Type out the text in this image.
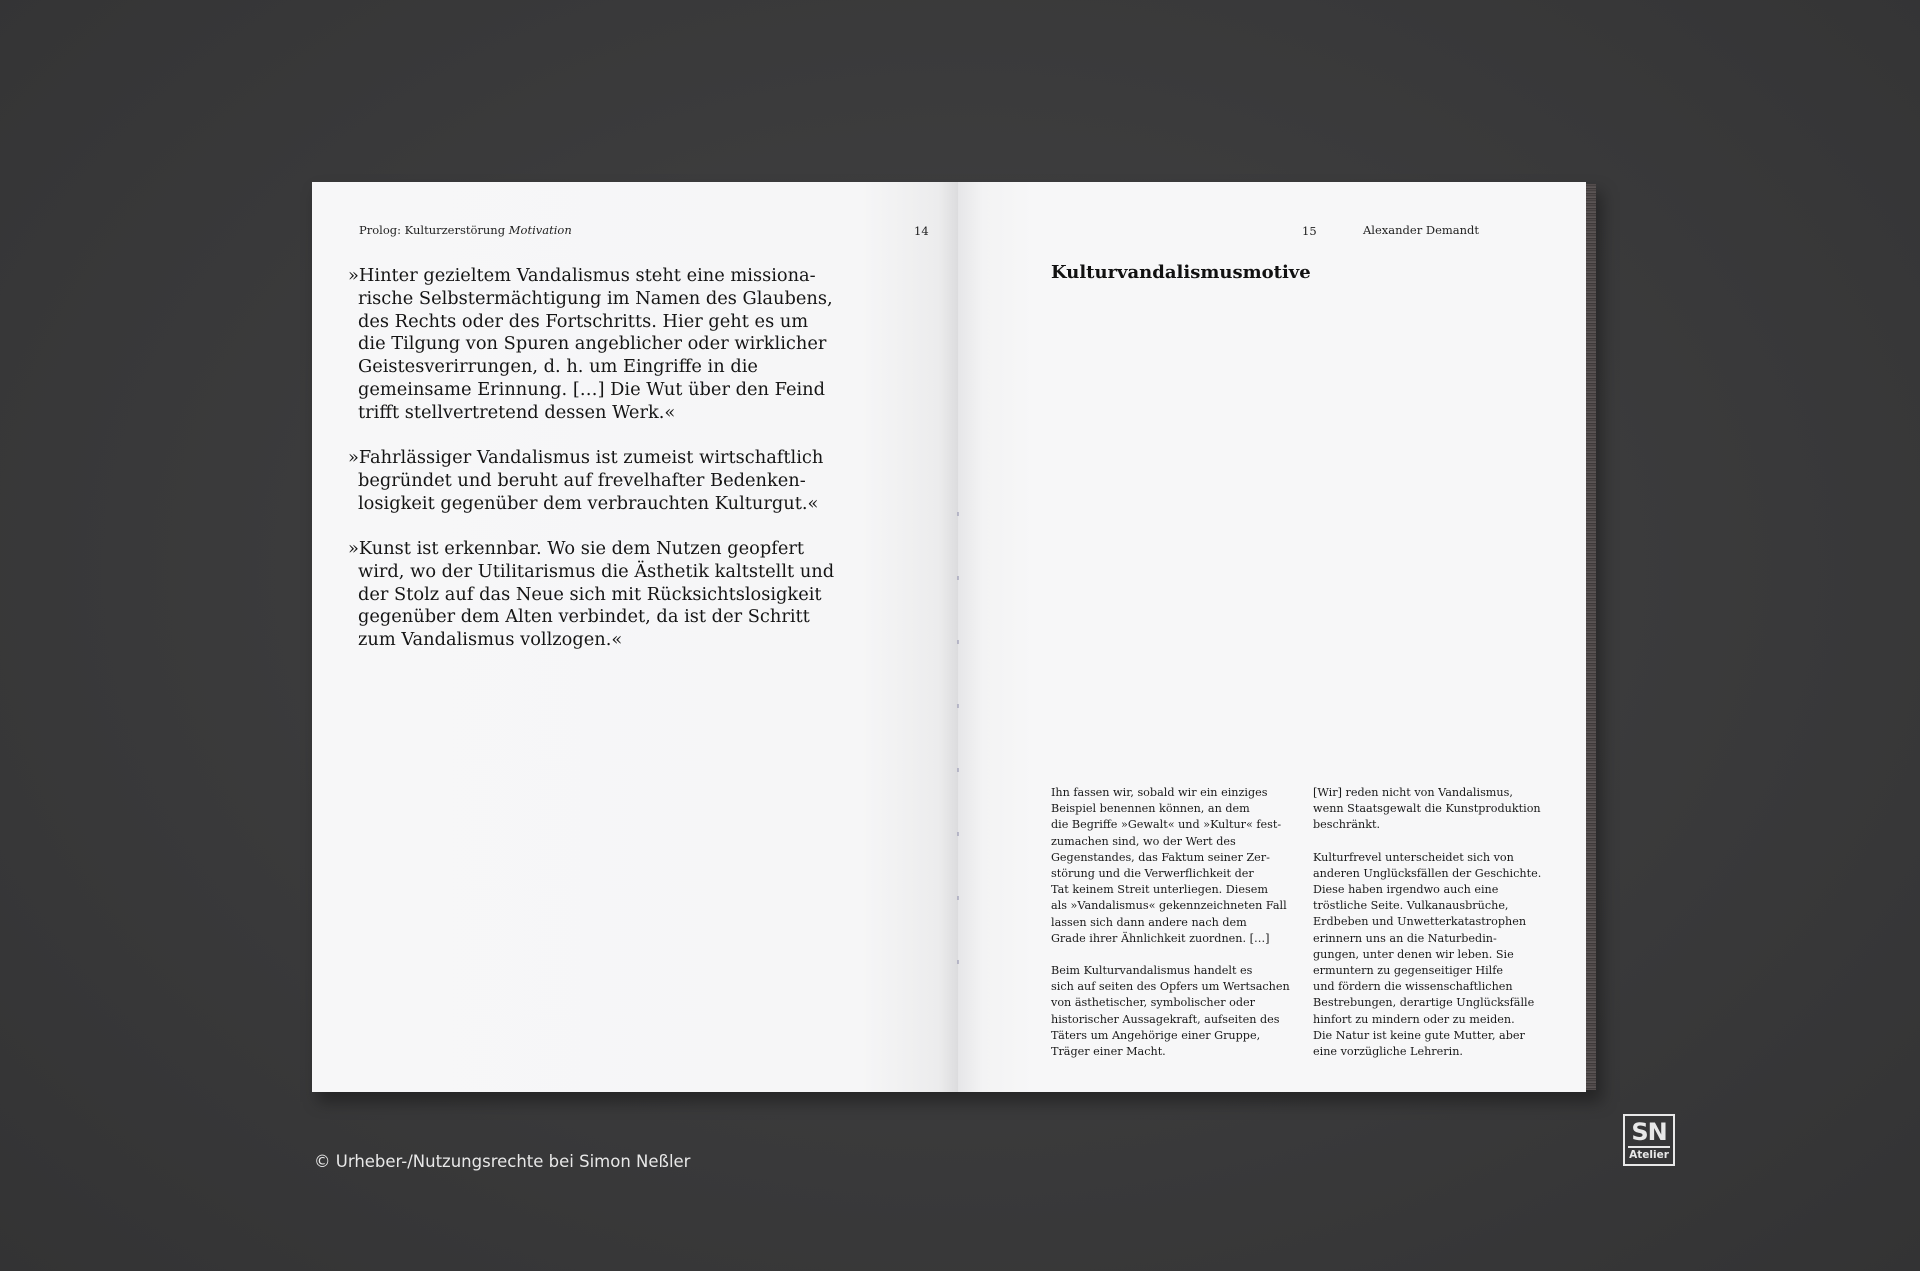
Prolog: Kulturzerstörung Motivation	14
»Hinter gezieltem Vandalismus steht eine missiona-
rische Selbstermächtigung im Namen des Glaubens,
des Rechts oder des Fortschritts. Hier geht es um
die Tilgung von Spuren angeblicher oder wirklicher
Geistesverirrungen, d. h. um Eingriffe in die
gemeinsame Erinnung. […] Die Wut über den Feind
trifft stellvertretend dessen Werk.«
»Fahrlässiger Vandalismus ist zumeist wirtschaftlich
begründet und beruht auf frevelhafter Bedenken-
losigkeit gegenüber dem verbrauchten Kulturgut.«
»Kunst ist erkennbar. Wo sie dem Nutzen geopfert
wird, wo der Utilitarismus die Ästhetik kaltstellt und
der Stolz auf das Neue sich mit Rücksichtslosigkeit
gegenüber dem Alten verbindet, da ist der Schritt
zum Vandalismus vollzogen.«
15	Alexander Demandt
Kulturvandalismusmotive
Ihn fassen wir, sobald wir ein einziges
Beispiel benennen können, an dem
die Begriffe »Gewalt« und »Kultur« fest-
zumachen sind, wo der Wert des
Gegenstandes, das Faktum seiner Zer-
störung und die Verwerflichkeit der
Tat keinem Streit unterliegen. Diesem
als »Vandalismus« gekennzeichneten Fall
lassen sich dann andere nach dem
Grade ihrer Ähnlichkeit zuordnen. […]
Beim Kulturvandalismus handelt es
sich auf seiten des Opfers um Wertsachen
von ästhetischer, symbolischer oder
historischer Aussagekraft, aufseiten des
Täters um Angehörige einer Gruppe,
Träger einer Macht.
[Wir] reden nicht von Vandalismus,
wenn Staatsgewalt die Kunstproduktion
beschränkt.
Kulturfrevel unterscheidet sich von
anderen Unglücksfällen der Geschichte.
Diese haben irgendwo auch eine
tröstliche Seite. Vulkanausbrüche,
Erdbeben und Unwetterkatastrophen
erinnern uns an die Naturbedin-
gungen, unter denen wir leben. Sie
ermuntern zu gegenseitiger Hilfe
und fördern die wissenschaftlichen
Bestrebungen, derartige Unglücksfälle
hinfort zu mindern oder zu meiden.
Die Natur ist keine gute Mutter, aber
eine vorzügliche Lehrerin.
© Urheber-/Nutzungsrechte bei Simon Neßler
SN
Atelier
